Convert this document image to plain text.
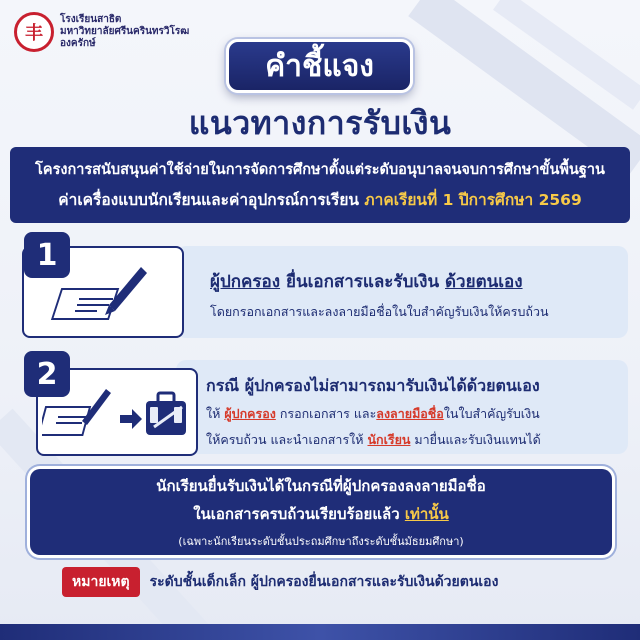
丰
โรงเรียนสาธิต
มหาวิทยาลัยศรีนครินทรวิโรฒ
องครักษ์
คำชี้แจง
แนวทางการรับเงิน
โครงการสนับสนุนค่าใช้จ่ายในการจัดการศึกษาตั้งแต่ระดับอนุบาลจนจบการศึกษาขั้นพื้นฐาน
ค่าเครื่องแบบนักเรียนและค่าอุปกรณ์การเรียน ภาคเรียนที่ 1 ปีการศึกษา 2569
ผู้ปกครอง ยื่นเอกสารและรับเงิน ด้วยตนเอง
โดยกรอกเอกสารและลงลายมือชื่อในใบสำคัญรับเงินให้ครบถ้วน
1
กรณี ผู้ปกครองไม่สามารถมารับเงินได้ด้วยตนเอง
ให้ ผู้ปกครอง กรอกเอกสาร และลงลายมือชื่อในใบสำคัญรับเงิน
ให้ครบถ้วน และนำเอกสารให้ นักเรียน มายื่นและรับเงินแทนได้
2
นักเรียนยื่นรับเงินได้ในกรณีที่ผู้ปกครองลงลายมือชื่อ
ในเอกสารครบถ้วนเรียบร้อยแล้ว เท่านั้น
(เฉพาะนักเรียนระดับชั้นประถมศึกษาถึงระดับชั้นมัธยมศึกษา)
หมายเหตุ	ระดับชั้นเด็กเล็ก ผู้ปกครองยื่นเอกสารและรับเงินด้วยตนเอง
